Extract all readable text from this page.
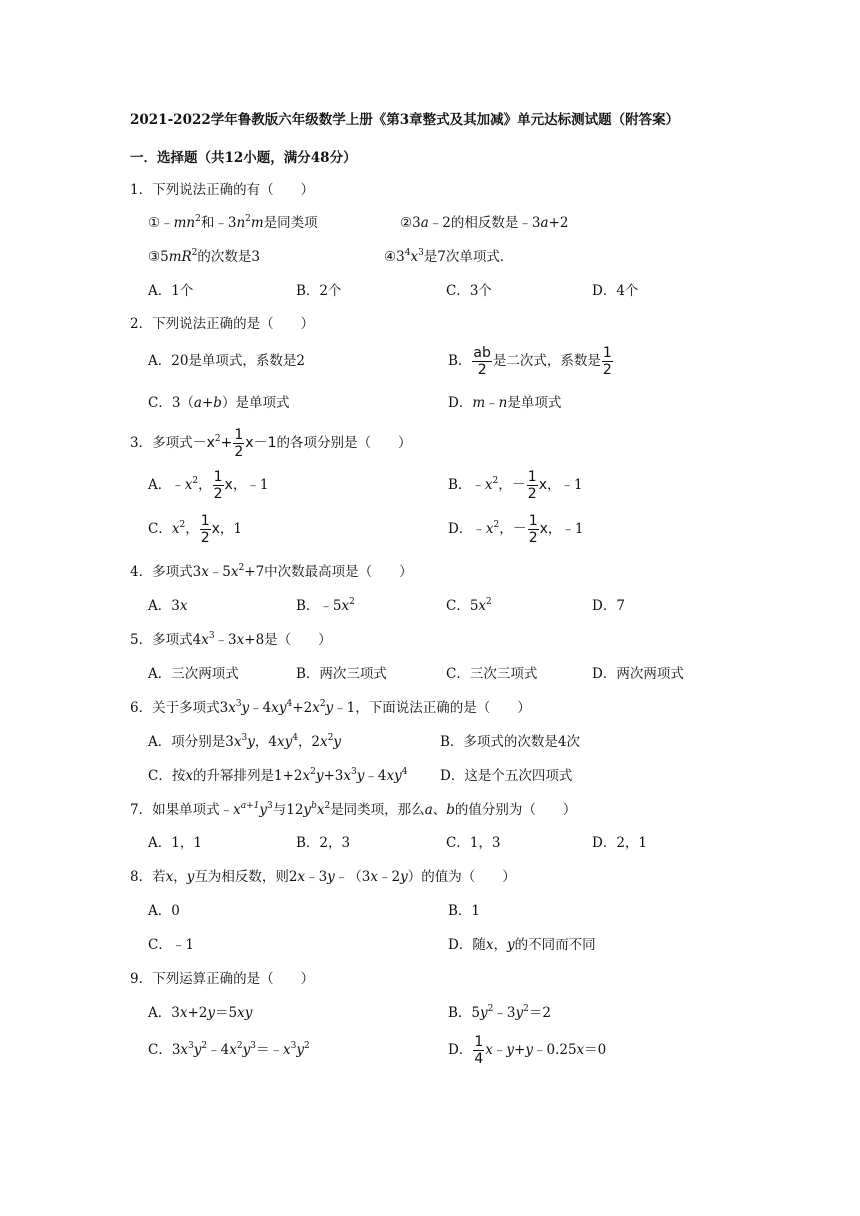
2021-2022学年鲁教版六年级数学上册《第3章整式及其加减》单元达标测试题（附答案）
一．选择题（共12小题，满分48分）
1．下列说法正确的有（　　）
$①﹣mn^2$和$﹣3n^2m$是同类项	②3a﹣2的相反数是﹣3a+2
$③5mR^2$的次数是3	$④3^4x^3$是7次单项式．
A．1个	B．2个	C．3个	D．4个
2．下列说法正确的是（　　）
A．20是单项式，系数是2	B． $\frac{ab}{2}$ 是二次式，系数是 $\frac{1}{2}$
C．3（a+b）是单项式	D．m﹣n是单项式
3．多项式$-x^2+ \frac{1}{2} x-1$的各项分别是（　　）
A．$﹣x^2$， $\frac{1}{2}$ x，﹣1	B．$﹣x^2$，－ $\frac{1}{2}$ x，﹣1
C．$x^2$， $\frac{1}{2}$ x，1	D．$﹣x^2$，－ $\frac{1}{2}$ x，﹣1
4．多项式$3x﹣5x^2+7$中次数最高项是（　　）
A．3x	B．$﹣5x^2$	C．$5x^2$	D．7
5．多项式$4x^3﹣3x+8$是（　　）
A．三次两项式	B．两次三项式	C．三次三项式	D．两次两项式
6．关于多项式$3x^3y﹣4xy^4+2x^2y﹣1$，下面说法正确的是（　　）
A．项分别是$3x^3y$，$4xy^4$，$2x^2y$	B．多项式的次数是4次
C．按x的升幂排列是$1+2x^2y+3x^3y﹣4xy^4$ D．这是个五次四项式
7．如果单项式$﹣x^{a+1}y^3$与$12y^bx^2$是同类项，那么a、b的值分别为（　　）
A．1，1	B．2，3	C．1，3	D．2，1
8．若x，y互为相反数，则2x﹣3y﹣（3x﹣2y）的值为（　　）
A．0	B．1
C．﹣1	D．随x，y的不同而不同
9．下列运算正确的是（　　）
A．3x+2y＝5xy	B．$5y^2﹣3y^2=2$
C．$3x^3y^2﹣4x^2y^3=﹣x^3y^2$	D． $\frac{1}{4}$ x﹣y+y﹣0.25x＝0
